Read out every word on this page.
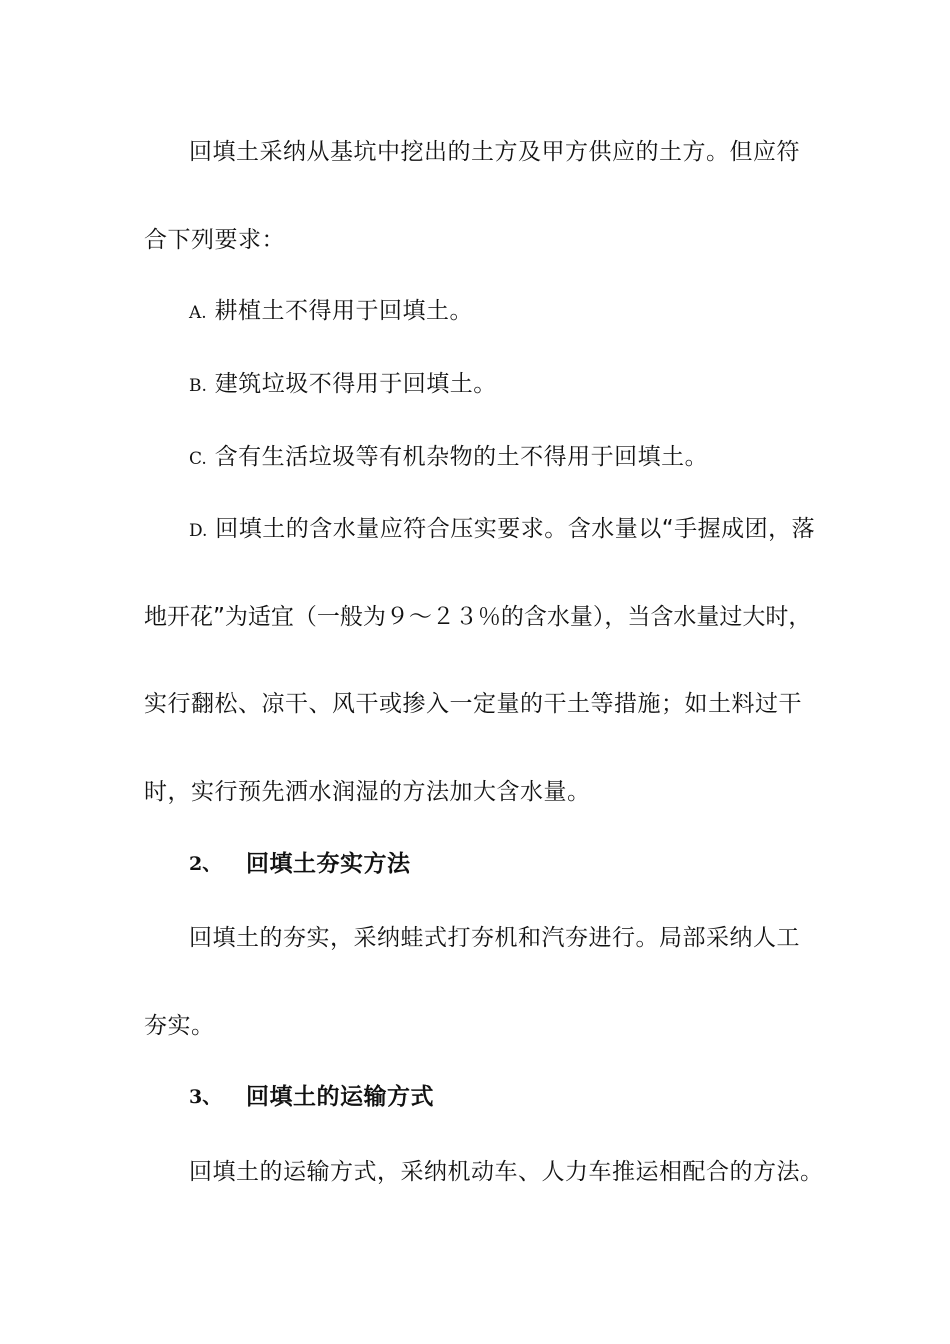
回填土采纳从基坑中挖出的土方及甲方供应的土方。但应符
合下列要求：
A. 耕植土不得用于回填土。
B. 建筑垃圾不得用于回填土。
C. 含有生活垃圾等有机杂物的土不得用于回填土。
D. 回填土的含水量应符合压实要求。含水量以“手握成团，落
地开花”为适宜（一般为９～２３％的含水量），当含水量过大时，
实行翻松、凉干、风干或掺入一定量的干土等措施；如土料过干
时，实行预先洒水润湿的方法加大含水量。
2、 回填土夯实方法
回填土的夯实，采纳蛙式打夯机和汽夯进行。局部采纳人工
夯实。
3、 回填土的运输方式
回填土的运输方式，采纳机动车、人力车推运相配合的方法。
